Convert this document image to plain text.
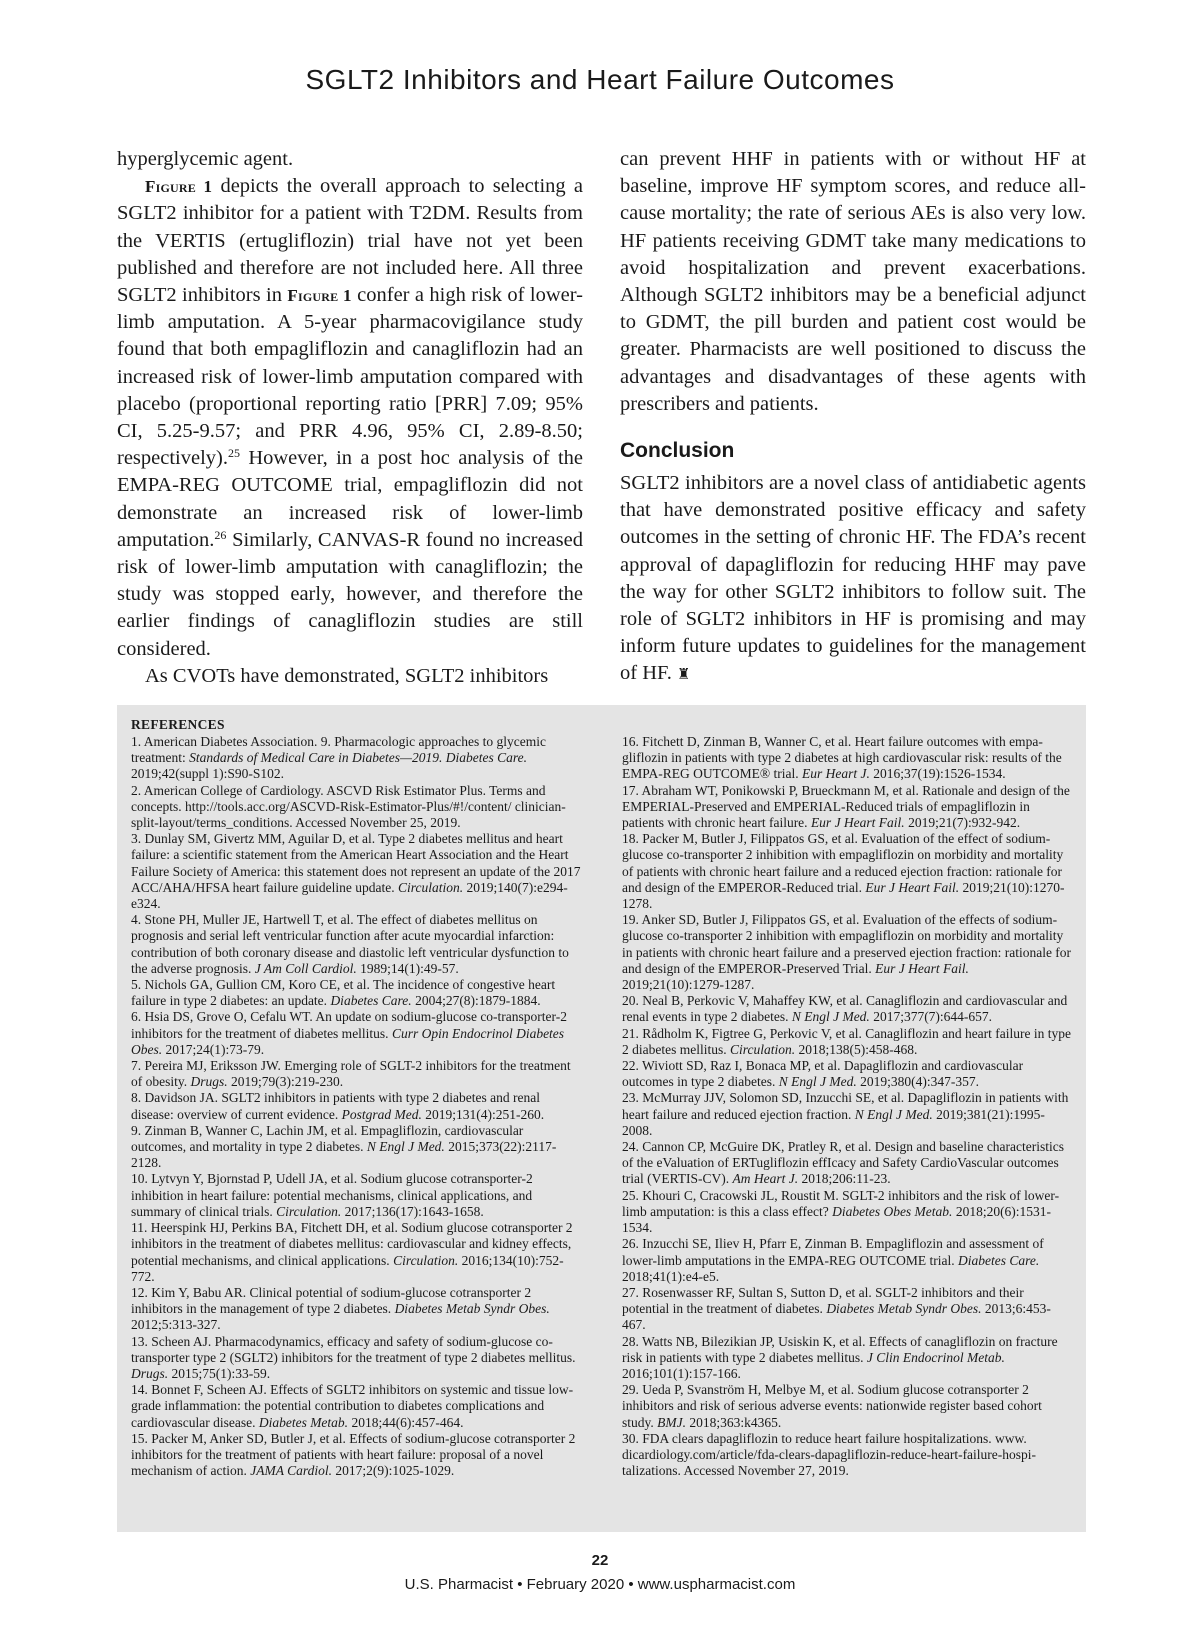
SGLT2 Inhibitors and Heart Failure Outcomes

hyperglycemic agent.

Figure 1 depicts the overall approach to selecting a SGLT2 inhibitor for a patient with T2DM. Results from the VERTIS (ertugliflozin) trial have not yet been published and therefore are not included here. All three SGLT2 inhibitors in Figure 1 confer a high risk of lower-limb amputation. A 5-year pharmacovigilance study found that both empagliflozin and canagliflozin had an increased risk of lower-limb amputation compared with placebo (proportional reporting ratio [PRR] 7.09; 95% CI, 5.25-9.57; and PRR 4.96, 95% CI, 2.89-8.50; respectively).$^{25}$ However, in a post hoc analysis of the EMPA-REG OUTCOME trial, empagliflozin did not demonstrate an increased risk of lower-limb amputation.$^{26}$ Similarly, CANVAS-R found no increased risk of lower-limb amputation with canagliflozin; the study was stopped early, however, and therefore the earlier findings of canagliflozin studies are still considered.

As CVOTs have demonstrated, SGLT2 inhibitors

can prevent HHF in patients with or without HF at baseline, improve HF symptom scores, and reduce all-cause mortality; the rate of serious AEs is also very low. HF patients receiving GDMT take many medications to avoid hospitalization and prevent exacerbations. Although SGLT2 inhibitors may be a beneficial adjunct to GDMT, the pill burden and patient cost would be greater. Pharmacists are well positioned to discuss the advantages and disadvantages of these agents with prescribers and patients.

Conclusion

SGLT2 inhibitors are a novel class of antidiabetic agents that have demonstrated positive efficacy and safety outcomes in the setting of chronic HF. The FDA’s recent approval of dapagliflozin for reducing HHF may pave the way for other SGLT2 inhibitors to follow suit. The role of SGLT2 inhibitors in HF is promising and may inform future updates to guidelines for the management of HF. ♜

REFERENCES

1. American Diabetes Association. 9. Pharmacologic approaches to glycemic treatment: Standards of Medical Care in Diabetes—2019. Diabetes Care. 2019;42(suppl 1):S90-S102.

2. American College of Cardiology. ASCVD Risk Estimator Plus. Terms and concepts. http://tools.acc.org/ASCVD-Risk-Estimator-Plus/#!/content/ clinician-split-layout/terms_conditions. Accessed November 25, 2019.

3. Dunlay SM, Givertz MM, Aguilar D, et al. Type 2 diabetes mellitus and heart failure: a scientific statement from the American Heart Association and the Heart Failure Society of America: this statement does not represent an update of the 2017 ACC/AHA/HFSA heart failure guideline update. Circulation. 2019;140(7):e294-e324.

4. Stone PH, Muller JE, Hartwell T, et al. The effect of diabetes mellitus on prognosis and serial left ventricular function after acute myocardial infarction: contribution of both coronary disease and diastolic left ventricular dysfunction to the adverse prognosis. J Am Coll Cardiol. 1989;14(1):49-57.

5. Nichols GA, Gullion CM, Koro CE, et al. The incidence of congestive heart failure in type 2 diabetes: an update. Diabetes Care. 2004;27(8):1879-1884.

6. Hsia DS, Grove O, Cefalu WT. An update on sodium-glucose co-transporter-2 inhibitors for the treatment of diabetes mellitus. Curr Opin Endocrinol Diabetes Obes. 2017;24(1):73-79.

7. Pereira MJ, Eriksson JW. Emerging role of SGLT-2 inhibitors for the treatment of obesity. Drugs. 2019;79(3):219-230.

8. Davidson JA. SGLT2 inhibitors in patients with type 2 diabetes and renal disease: overview of current evidence. Postgrad Med. 2019;131(4):251-260.

9. Zinman B, Wanner C, Lachin JM, et al. Empagliflozin, cardiovascular outcomes, and mortality in type 2 diabetes. N Engl J Med. 2015;373(22):2117-2128.

10. Lytvyn Y, Bjornstad P, Udell JA, et al. Sodium glucose cotransporter-2 inhibition in heart failure: potential mechanisms, clinical applications, and summary of clinical trials. Circulation. 2017;136(17):1643-1658.

11. Heerspink HJ, Perkins BA, Fitchett DH, et al. Sodium glucose cotransporter 2 inhibitors in the treatment of diabetes mellitus: cardiovascular and kidney effects, potential mechanisms, and clinical applications. Circulation. 2016;134(10):752-772.

12. Kim Y, Babu AR. Clinical potential of sodium-glucose cotransporter 2 inhibitors in the management of type 2 diabetes. Diabetes Metab Syndr Obes. 2012;5:313-327.

13. Scheen AJ. Pharmacodynamics, efficacy and safety of sodium-glucose co-transporter type 2 (SGLT2) inhibitors for the treatment of type 2 diabetes mellitus. Drugs. 2015;75(1):33-59.

14. Bonnet F, Scheen AJ. Effects of SGLT2 inhibitors on systemic and tissue low-grade inflammation: the potential contribution to diabetes complications and cardiovascular disease. Diabetes Metab. 2018;44(6):457-464.

15. Packer M, Anker SD, Butler J, et al. Effects of sodium-glucose cotransporter 2 inhibitors for the treatment of patients with heart failure: proposal of a novel mechanism of action. JAMA Cardiol. 2017;2(9):1025-1029.

16. Fitchett D, Zinman B, Wanner C, et al. Heart failure outcomes with empagliflozin in patients with type 2 diabetes at high cardiovascular risk: results of the EMPA-REG OUTCOME® trial. Eur Heart J. 2016;37(19):1526-1534.

17. Abraham WT, Ponikowski P, Brueckmann M, et al. Rationale and design of the EMPERIAL-Preserved and EMPERIAL-Reduced trials of empagliflozin in patients with chronic heart failure. Eur J Heart Fail. 2019;21(7):932-942.

18. Packer M, Butler J, Filippatos GS, et al. Evaluation of the effect of sodium-glucose co-transporter 2 inhibition with empagliflozin on morbidity and mortality of patients with chronic heart failure and a reduced ejection fraction: rationale for and design of the EMPEROR-Reduced trial. Eur J Heart Fail. 2019;21(10):1270-1278.

19. Anker SD, Butler J, Filippatos GS, et al. Evaluation of the effects of sodium-glucose co-transporter 2 inhibition with empagliflozin on morbidity and mortality in patients with chronic heart failure and a preserved ejection fraction: rationale for and design of the EMPEROR-Preserved Trial. Eur J Heart Fail. 2019;21(10):1279-1287.

20. Neal B, Perkovic V, Mahaffey KW, et al. Canagliflozin and cardiovascular and renal events in type 2 diabetes. N Engl J Med. 2017;377(7):644-657.

21. Rådholm K, Figtree G, Perkovic V, et al. Canagliflozin and heart failure in type 2 diabetes mellitus. Circulation. 2018;138(5):458-468.

22. Wiviott SD, Raz I, Bonaca MP, et al. Dapagliflozin and cardiovascular outcomes in type 2 diabetes. N Engl J Med. 2019;380(4):347-357.

23. McMurray JJV, Solomon SD, Inzucchi SE, et al. Dapagliflozin in patients with heart failure and reduced ejection fraction. N Engl J Med. 2019;381(21):1995-2008.

24. Cannon CP, McGuire DK, Pratley R, et al. Design and baseline characteristics of the eValuation of ERTugliflozin effIcacy and Safety CardioVascular outcomes trial (VERTIS-CV). Am Heart J. 2018;206:11-23.

25. Khouri C, Cracowski JL, Roustit M. SGLT-2 inhibitors and the risk of lower-limb amputation: is this a class effect? Diabetes Obes Metab. 2018;20(6):1531-1534.

26. Inzucchi SE, Iliev H, Pfarr E, Zinman B. Empagliflozin and assessment of lower-limb amputations in the EMPA-REG OUTCOME trial. Diabetes Care. 2018;41(1):e4-e5.

27. Rosenwasser RF, Sultan S, Sutton D, et al. SGLT-2 inhibitors and their potential in the treatment of diabetes. Diabetes Metab Syndr Obes. 2013;6:453-467.

28. Watts NB, Bilezikian JP, Usiskin K, et al. Effects of canagliflozin on fracture risk in patients with type 2 diabetes mellitus. J Clin Endocrinol Metab. 2016;101(1):157-166.

29. Ueda P, Svanström H, Melbye M, et al. Sodium glucose cotransporter 2 inhibitors and risk of serious adverse events: nationwide register based cohort study. BMJ. 2018;363:k4365.

30. FDA clears dapagliflozin to reduce heart failure hospitalizations. www. dicardiology.com/article/fda-clears-dapagliflozin-reduce-heart-failure-hospitalizations. Accessed November 27, 2019.

22
U.S. Pharmacist • February 2020 • www.uspharmacist.com
